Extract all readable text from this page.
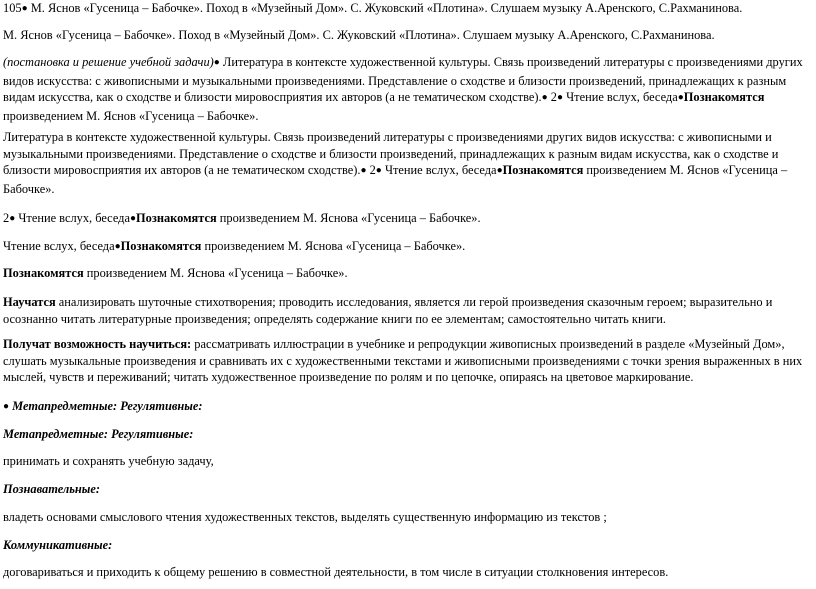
105● М. Яснов «Гусеница – Бабочке». Поход в «Музейный Дом». С. Жуковский «Плотина». Слушаем музыку А.Аренского, С.Рахманинова.

М. Яснов «Гусеница – Бабочке». Поход в «Музейный Дом». С. Жуковский «Плотина». Слушаем музыку А.Аренского, С.Рахманинова.

(постановка и решение учебной задачи)● Литература в контексте художественной культуры. Связь произведений литературы с произведениями других видов искусства: с живописными и музыкальными произведениями. Представление о сходстве и близости произведений, принадлежащих к разным видам искусства, как о сходстве и близости мировосприятия их авторов (а не тематическом сходстве).● 2● Чтение вслух, беседа●Познакомятся произведением М. Яснов «Гусеница – Бабочке».

Литература в контексте художественной культуры. Связь произведений литературы с произведениями других видов искусства: с живописными и музыкальными произведениями. Представление о сходстве и близости произведений, принадлежащих к разным видам искусства, как о сходстве и близости мировосприятия их авторов (а не тематическом сходстве).● 2● Чтение вслух, беседа●Познакомятся произведением М. Яснов «Гусеница – Бабочке».

2● Чтение вслух, беседа●Познакомятся произведением М. Яснова «Гусеница – Бабочке».

Чтение вслух, беседа●Познакомятся произведением М. Яснова «Гусеница – Бабочке».

Познакомятся произведением М. Яснова «Гусеница – Бабочке».

Научатся анализировать шуточные стихотворения; проводить исследования, является ли герой произведения сказочным героем; выразительно и осознанно читать литературные произведения; определять содержание книги по ее элементам; самостоятельно читать книги.

Получат возможность научиться: рассматривать иллюстрации в учебнике и репродукции живописных произведений в разделе «Музейный Дом», слушать музыкальные произведения и сравнивать их с художественными текстами и живописными произведениями с точки зрения выраженных в них мыслей, чувств и переживаний; читать художественное произведение по ролям и по цепочке, опираясь на цветовое маркирование.

● Метапредметные: Регулятивные:

Метапредметные: Регулятивные:

принимать и сохранять учебную задачу,

Познавательные:

владеть основами смыслового чтения художественных текстов, выделять существенную информацию из текстов ;

Коммуникативные:

договариваться и приходить к общему решению в совместной деятельности, в том числе в ситуации столкновения интересов.
